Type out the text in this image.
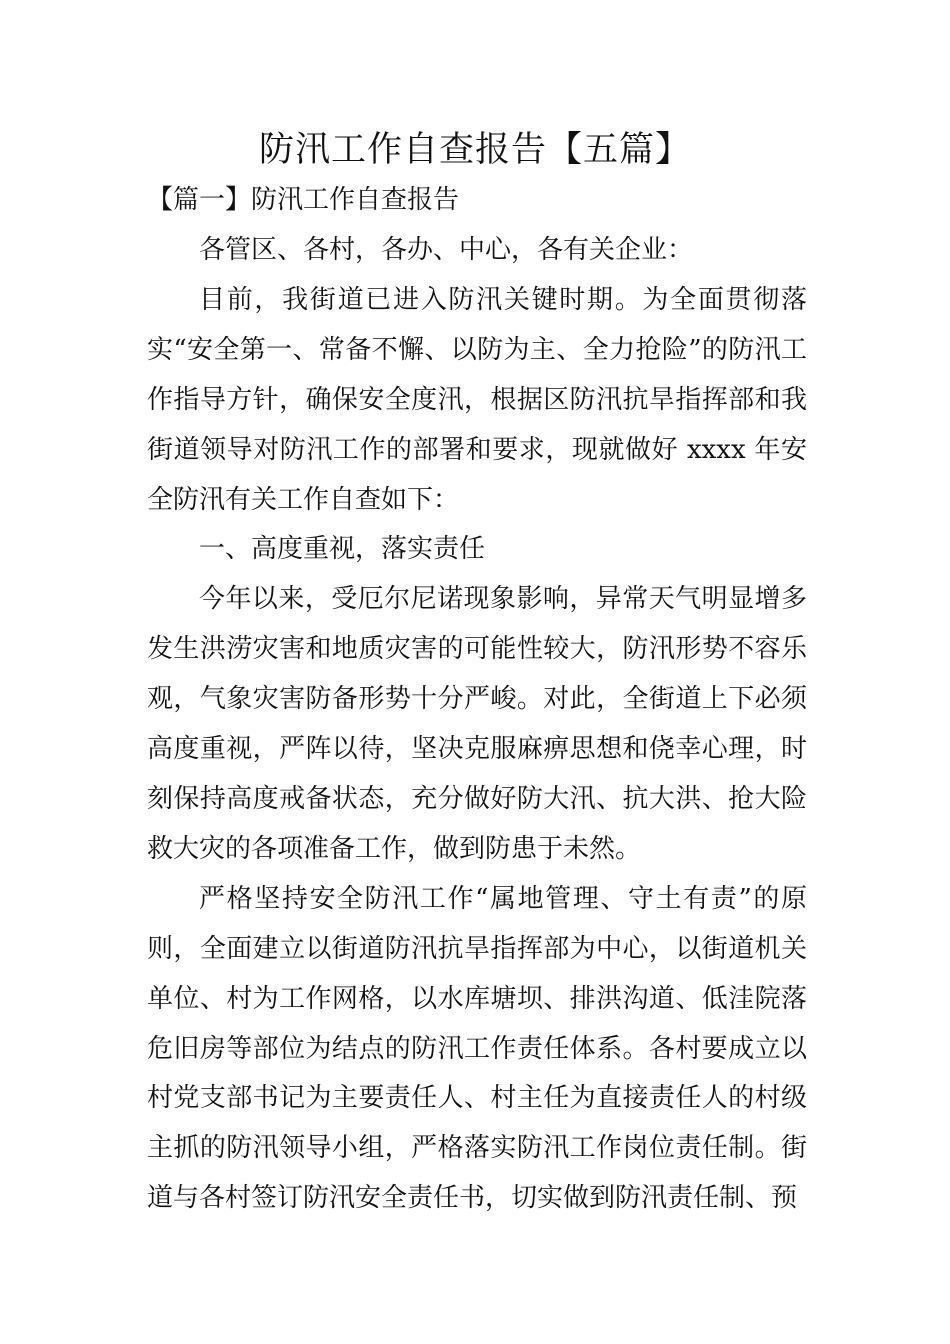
防汛工作自查报告【五篇】
【篇一】防汛工作自查报告

各管区、各村，各办、中心，各有关企业：

目前，我街道已进入防汛关键时期。为全面贯彻落实“安全第一、常备不懈、以防为主、全力抢险”的防汛工作指导方针，确保安全度汛，根据区防汛抗旱指挥部和我街道领导对防汛工作的部署和要求，现就做好 xxxx 年安全防汛有关工作自查如下：

一、高度重视，落实责任

今年以来，受厄尔尼诺现象影响，异常天气明显增多发生洪涝灾害和地质灾害的可能性较大，防汛形势不容乐观，气象灾害防备形势十分严峻。对此，全街道上下必须高度重视，严阵以待，坚决克服麻痹思想和侥幸心理，时刻保持高度戒备状态，充分做好防大汛、抗大洪、抢大险救大灾的各项准备工作，做到防患于未然。

严格坚持安全防汛工作“属地管理、守土有责”的原则，全面建立以街道防汛抗旱指挥部为中心，以街道机关单位、村为工作网格，以水库塘坝、排洪沟道、低洼院落危旧房等部位为结点的防汛工作责任体系。各村要成立以村党支部书记为主要责任人、村主任为直接责任人的村级主抓的防汛领导小组，严格落实防汛工作岗位责任制。街道与各村签订防汛安全责任书，切实做到防汛责任制、预
